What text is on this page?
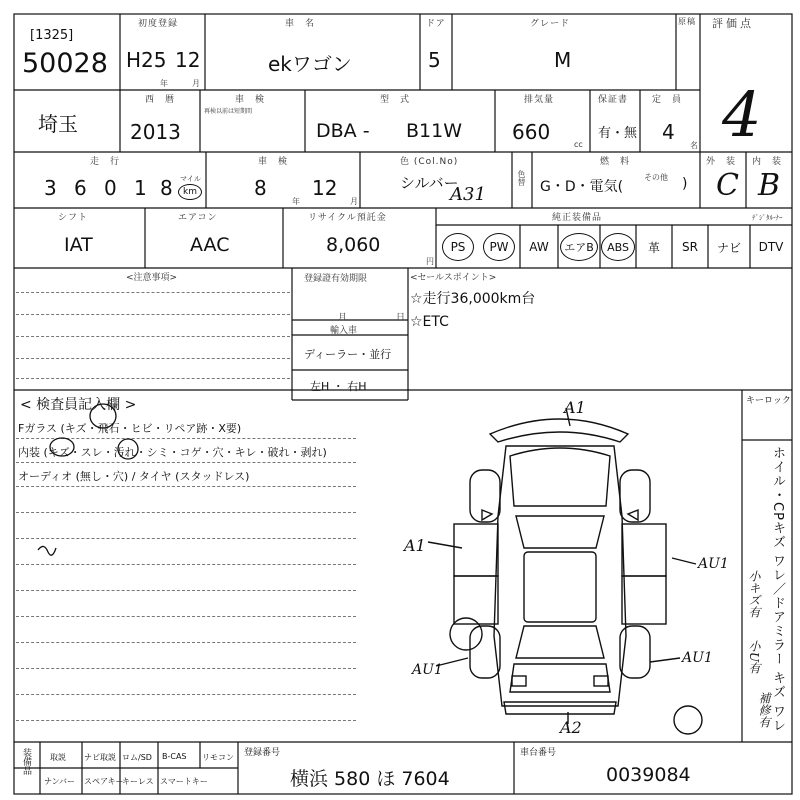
[1325]
50028
初度登録
H25 12
年	月
車　名
ekワゴン
ドア
5
グレード
M
原稿 評価点
4
埼玉
西　暦
2013
車　検
再検以前は短期間
型　式
DBA - B11W
排気量
660
cc
保証書
有・無
定　員
4
名
走　行
3 6 0 1 8 マイル
km
車　検
8 12
年	月
色 (Col.No)
シルバー
A31
色替
燃　料
G・D・電気(
その他 )
外　装
C
内　装
B
シフト
IAT
エアコン
AAC
リサイクル預託金
8,060
円
純正装備品	ﾃﾞｼﾞﾀﾙ-ﾅｰ
PS	PW	AW	エアB	ABS	革 SR ナビ DTV
<注意事項>	登録證有効期限
月	日
輸入車
ディーラー・並行
左H ・ 右H
<セールスポイント>
☆走行36,000km台
☆ETC
< 検査員記入欄 >
Fガラス (キズ・飛石・ヒビ・リペア跡・X要)
内装 (キズ・スレ・汚れ・シミ・コゲ・穴・キレ・破れ・剥れ)
オーディオ (無し・穴) / タイヤ (スタッドレス)
A1
A1
AU1
AU1
AU1
A2
キーロック
ホイル・CPキズ ワレ／ドアミラー キズ ワレ
小キズ有
小U有
補修有
装備品 取説 ナビ取説 ロム/SD B-CAS リモコン
ナンバー スペアキー
キーレス スマートキー
登録番号
横浜 580 ほ 7604
車台番号
0039084
